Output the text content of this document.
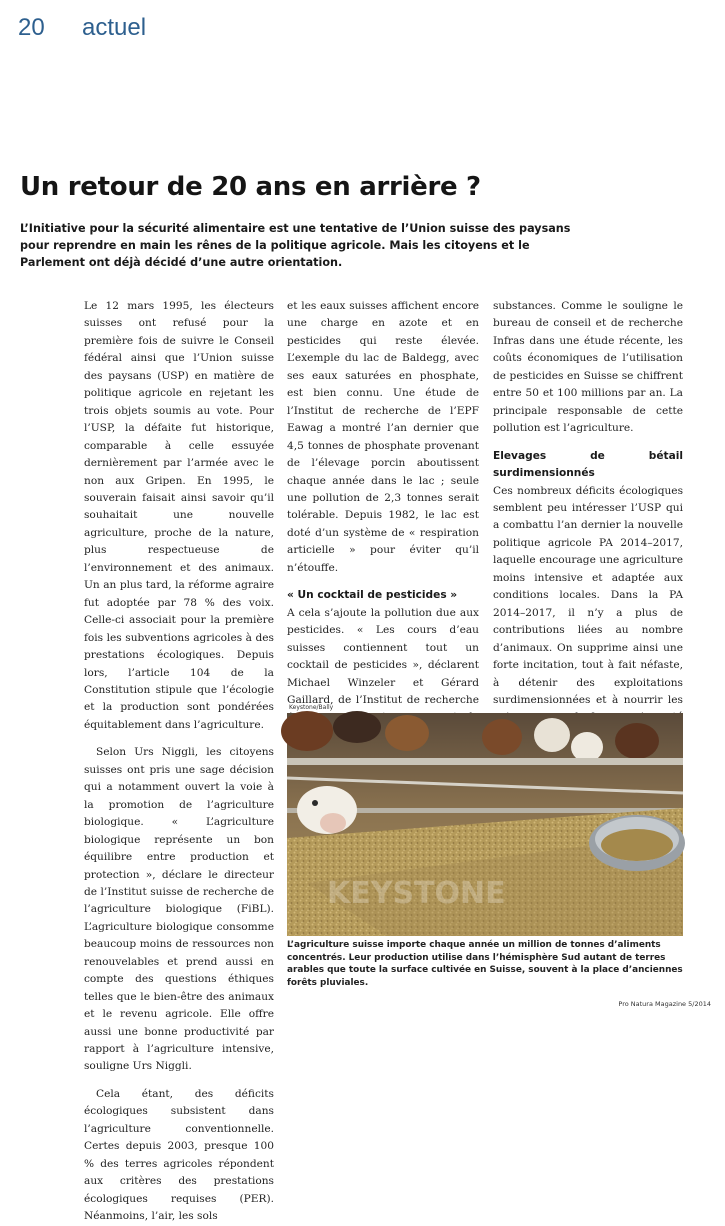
20 actuel
Un retour de 20 ans en arrière ?
L’Initiative pour la sécurité alimentaire est une tentative de l’Union suisse des paysans pour reprendre en main les rênes de la politique agricole. Mais les citoyens et le Parlement ont déjà décidé d’une autre orientation.

Le 12 mars 1995, les électeurs suisses ont refusé pour la première fois de suivre le Conseil fédéral ainsi que l’Union suisse des paysans (USP) en matière de politique agricole en rejetant les trois objets soumis au vote. Pour l’USP, la défaite fut historique, comparable à celle essuyée dernièrement par l’armée avec le non aux Gripen. En 1995, le souverain faisait ainsi savoir qu’il souhaitait une nouvelle agriculture, proche de la nature, plus respectueuse de l’environnement et des animaux. Un an plus tard, la réforme agraire fut adoptée par 78 % des voix. Celle-ci associait pour la première fois les subventions agricoles à des prestations écologiques. Depuis lors, l’article 104 de la Constitution stipule que l’écologie et la production sont pondérées équitablement dans l’agriculture.

Selon Urs Niggli, les citoyens suisses ont pris une sage décision qui a notamment ouvert la voie à la promotion de l’agriculture biologique. « L’agriculture biologique représente un bon équilibre entre production et protection », déclare le directeur de l’Institut suisse de recherche de l’agriculture biologique (FiBL). L’agriculture biologique consomme beaucoup moins de ressources non renouvelables et prend aussi en compte des questions éthiques telles que le bien-être des animaux et le revenu agricole. Elle offre aussi une bonne productivité par rapport à l’agriculture intensive, souligne Urs Niggli.

Cela étant, des déficits écologiques subsistent dans l’agriculture conventionnelle. Certes depuis 2003, presque 100 % des terres agricoles répondent aux critères des prestations écologiques requises (PER). Néanmoins, l’air, les sols

et les eaux suisses affichent encore une charge en azote et en pesticides qui reste élevée. L’exemple du lac de Baldegg, avec ses eaux saturées en phosphate, est bien connu. Une étude de l’Institut de recherche de l’EPF Eawag a montré l’an dernier que 4,5 tonnes de phosphate provenant de l’élevage porcin aboutissent chaque année dans le lac ; seule une pollution de 2,3 tonnes serait tolérable. Depuis 1982, le lac est doté d’un système de « respiration articielle » pour éviter qu’il n’étouffe.

« Un cocktail de pesticides »

A cela s’ajoute la pollution due aux pesticides. « Les cours d’eau suisses contiennent tout un cocktail de pesticides », déclarent Michael Winzeler et Gérard Gaillard, de l’Institut de recherche

substances. Comme le souligne le bureau de conseil et de recherche Infras dans une étude récente, les coûts économiques de l’utilisation de pesticides en Suisse se chiffrent entre 50 et 100 millions par an. La principale responsable de cette pollution est l’agriculture.

Elevages de bétail surdimensionnés

Ces nombreux déficits écologiques semblent peu intéresser l’USP qui a combattu l’an dernier la nouvelle politique agricole PA 2014–2017, laquelle encourage une agriculture moins intensive et adaptée aux conditions locales. Dans la PA 2014–2017, il n’y a plus de contributions liées au nombre d’animaux. On supprime ainsi une forte incitation, tout à fait néfaste, à détenir des exploitations surdimensionnées et à nourrir les

Keystone/Bally
KEYSTONE
L’agriculture suisse importe chaque année un million de tonnes d’aliments concentrés. Leur production utilise dans l’hémisphère Sud autant de terres arables que toute la surface cultivée en Suisse, souvent à la place d’anciennes forêts pluviales.
Pro Natura Magazine 5/2014
